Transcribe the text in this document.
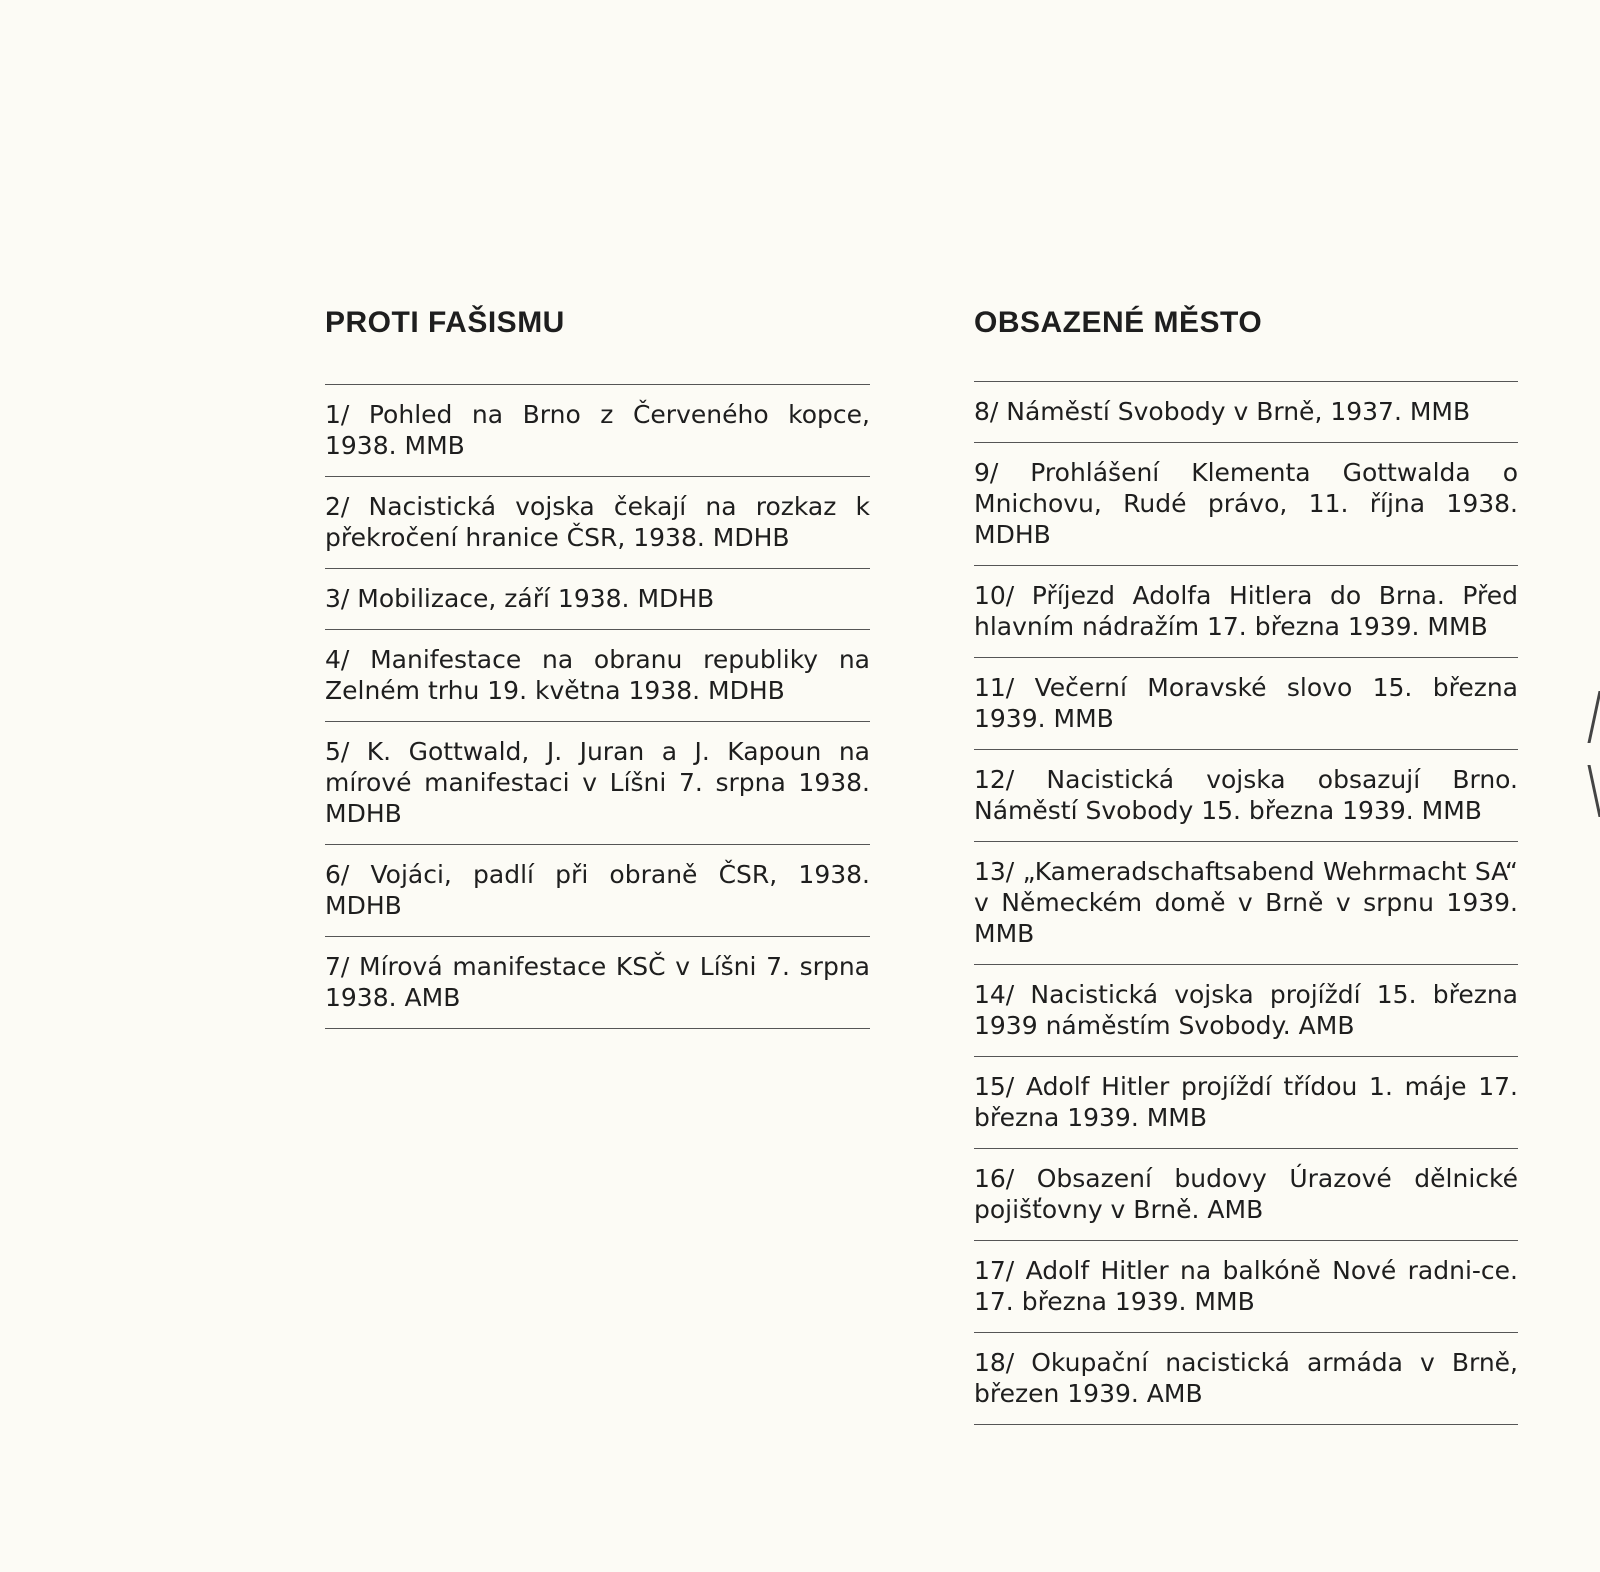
PROTI FAŠISMU
1/ Pohled na Brno z Červeného kopce, 1938. MMB
2/ Nacistická vojska čekají na rozkaz k překročení hranice ČSR, 1938. MDHB
3/ Mobilizace, září 1938. MDHB
4/ Manifestace na obranu republiky na Zelném trhu 19. května 1938. MDHB
5/ K. Gottwald, J. Juran a J. Kapoun na mírové manifestaci v Líšni 7. srpna 1938. MDHB
6/ Vojáci, padlí při obraně ČSR, 1938. MDHB
7/ Mírová manifestace KSČ v Líšni 7. srpna 1938. AMB
OBSAZENÉ MĚSTO
8/ Náměstí Svobody v Brně, 1937. MMB
9/ Prohlášení Klementa Gottwalda o Mnichovu, Rudé právo, 11. října 1938. MDHB
10/ Příjezd Adolfa Hitlera do Brna. Před hlavním nádražím 17. března 1939. MMB
11/ Večerní Moravské slovo 15. března 1939. MMB
12/ Nacistická vojska obsazují Brno. Náměstí Svobody 15. března 1939. MMB
13/ „Kameradschaftsabend Wehrmacht SA“ v Německém domě v Brně v srpnu 1939. MMB
14/ Nacistická vojska projíždí 15. března 1939 náměstím Svobody. AMB
15/ Adolf Hitler projíždí třídou 1. máje 17. března 1939. MMB
16/ Obsazení budovy Úrazové dělnické pojišťovny v Brně. AMB
17/ Adolf Hitler na balkóně Nové radni-ce. 17. března 1939. MMB
18/ Okupační nacistická armáda v Brně, březen 1939. AMB
